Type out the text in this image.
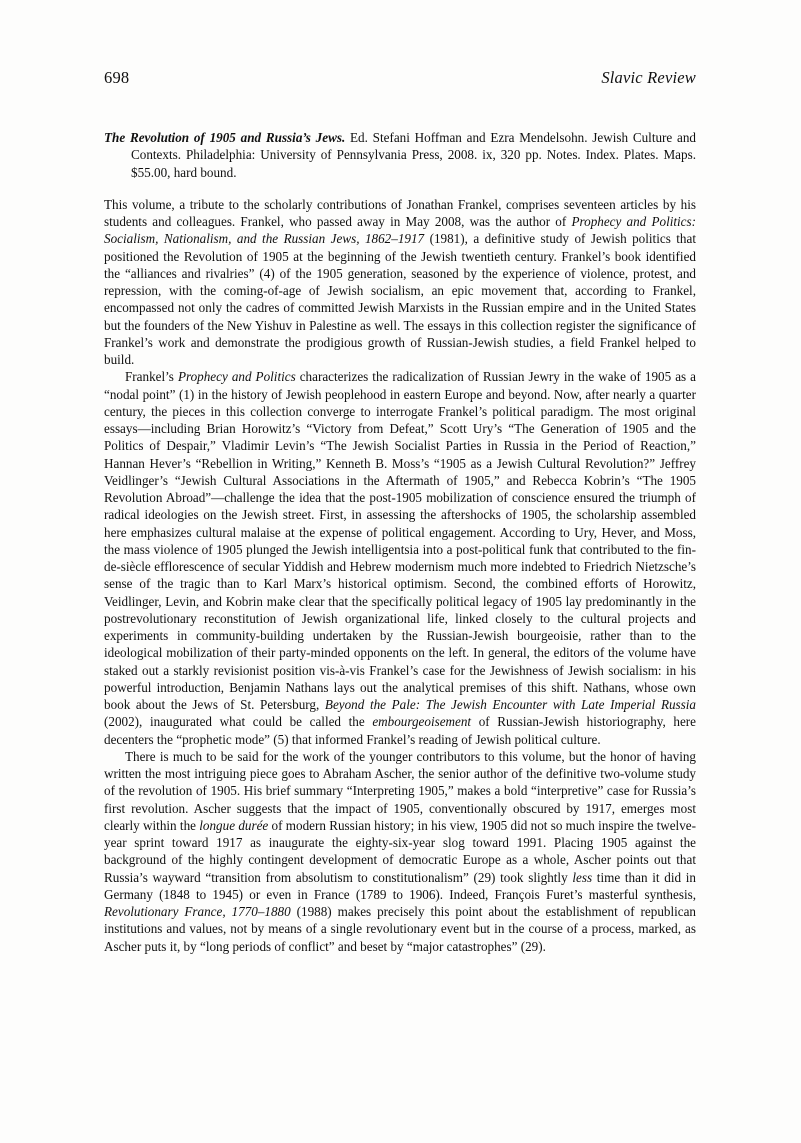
698	Slavic Review

The Revolution of 1905 and Russia’s Jews. Ed. Stefani Hoffman and Ezra Mendelsohn. Jewish Culture and Contexts. Philadelphia: University of Pennsylvania Press, 2008. ix, 320 pp. Notes. Index. Plates. Maps. $55.00, hard bound.

This volume, a tribute to the scholarly contributions of Jonathan Frankel, comprises seventeen articles by his students and colleagues. Frankel, who passed away in May 2008, was the author of Prophecy and Politics: Socialism, Nationalism, and the Russian Jews, 1862–1917 (1981), a definitive study of Jewish politics that positioned the Revolution of 1905 at the beginning of the Jewish twentieth century. Frankel’s book identified the “alliances and rivalries” (4) of the 1905 generation, seasoned by the experience of violence, protest, and repression, with the coming-of-age of Jewish socialism, an epic movement that, according to Frankel, encompassed not only the cadres of committed Jewish Marxists in the Russian empire and in the United States but the founders of the New Yishuv in Palestine as well. The essays in this collection register the significance of Frankel’s work and demonstrate the prodigious growth of Russian-Jewish studies, a field Frankel helped to build.

Frankel’s Prophecy and Politics characterizes the radicalization of Russian Jewry in the wake of 1905 as a “nodal point” (1) in the history of Jewish peoplehood in eastern Europe and beyond. Now, after nearly a quarter century, the pieces in this collection converge to interrogate Frankel’s political paradigm. The most original essays—including Brian Horowitz’s “Victory from Defeat,” Scott Ury’s “The Generation of 1905 and the Politics of Despair,” Vladimir Levin’s “The Jewish Socialist Parties in Russia in the Period of Reaction,” Hannan Hever’s “Rebellion in Writing,” Kenneth B. Moss’s “1905 as a Jewish Cultural Revolution?” Jeffrey Veidlinger’s “Jewish Cultural Associations in the Aftermath of 1905,” and Rebecca Kobrin’s “The 1905 Revolution Abroad”—challenge the idea that the post-1905 mobilization of conscience ensured the triumph of radical ideologies on the Jewish street. First, in assessing the aftershocks of 1905, the scholarship assembled here emphasizes cultural malaise at the expense of political engagement. According to Ury, Hever, and Moss, the mass violence of 1905 plunged the Jewish intelligentsia into a post-political funk that contributed to the fin-de-siècle efflorescence of secular Yiddish and Hebrew modernism much more indebted to Friedrich Nietzsche’s sense of the tragic than to Karl Marx’s historical optimism. Second, the combined efforts of Horowitz, Veidlinger, Levin, and Kobrin make clear that the specifically political legacy of 1905 lay predominantly in the postrevolutionary reconstitution of Jewish organizational life, linked closely to the cultural projects and experiments in community-building undertaken by the Russian-Jewish bourgeoisie, rather than to the ideological mobilization of their party-minded opponents on the left. In general, the editors of the volume have staked out a starkly revisionist position vis-à-vis Frankel’s case for the Jewishness of Jewish socialism: in his powerful introduction, Benjamin Nathans lays out the analytical premises of this shift. Nathans, whose own book about the Jews of St. Petersburg, Beyond the Pale: The Jewish Encounter with Late Imperial Russia (2002), inaugurated what could be called the embourgeoisement of Russian-Jewish historiography, here decenters the “prophetic mode” (5) that informed Frankel’s reading of Jewish political culture.

There is much to be said for the work of the younger contributors to this volume, but the honor of having written the most intriguing piece goes to Abraham Ascher, the senior author of the definitive two-volume study of the revolution of 1905. His brief summary “Interpreting 1905,” makes a bold “interpretive” case for Russia’s first revolution. Ascher suggests that the impact of 1905, conventionally obscured by 1917, emerges most clearly within the longue durée of modern Russian history; in his view, 1905 did not so much inspire the twelve-year sprint toward 1917 as inaugurate the eighty-six-year slog toward 1991. Placing 1905 against the background of the highly contingent development of democratic Europe as a whole, Ascher points out that Russia’s wayward “transition from absolutism to constitutionalism” (29) took slightly less time than it did in Germany (1848 to 1945) or even in France (1789 to 1906). Indeed, François Furet’s masterful synthesis, Revolutionary France, 1770–1880 (1988) makes precisely this point about the establishment of republican institutions and values, not by means of a single revolutionary event but in the course of a process, marked, as Ascher puts it, by “long periods of conflict” and beset by “major catastrophes” (29).
